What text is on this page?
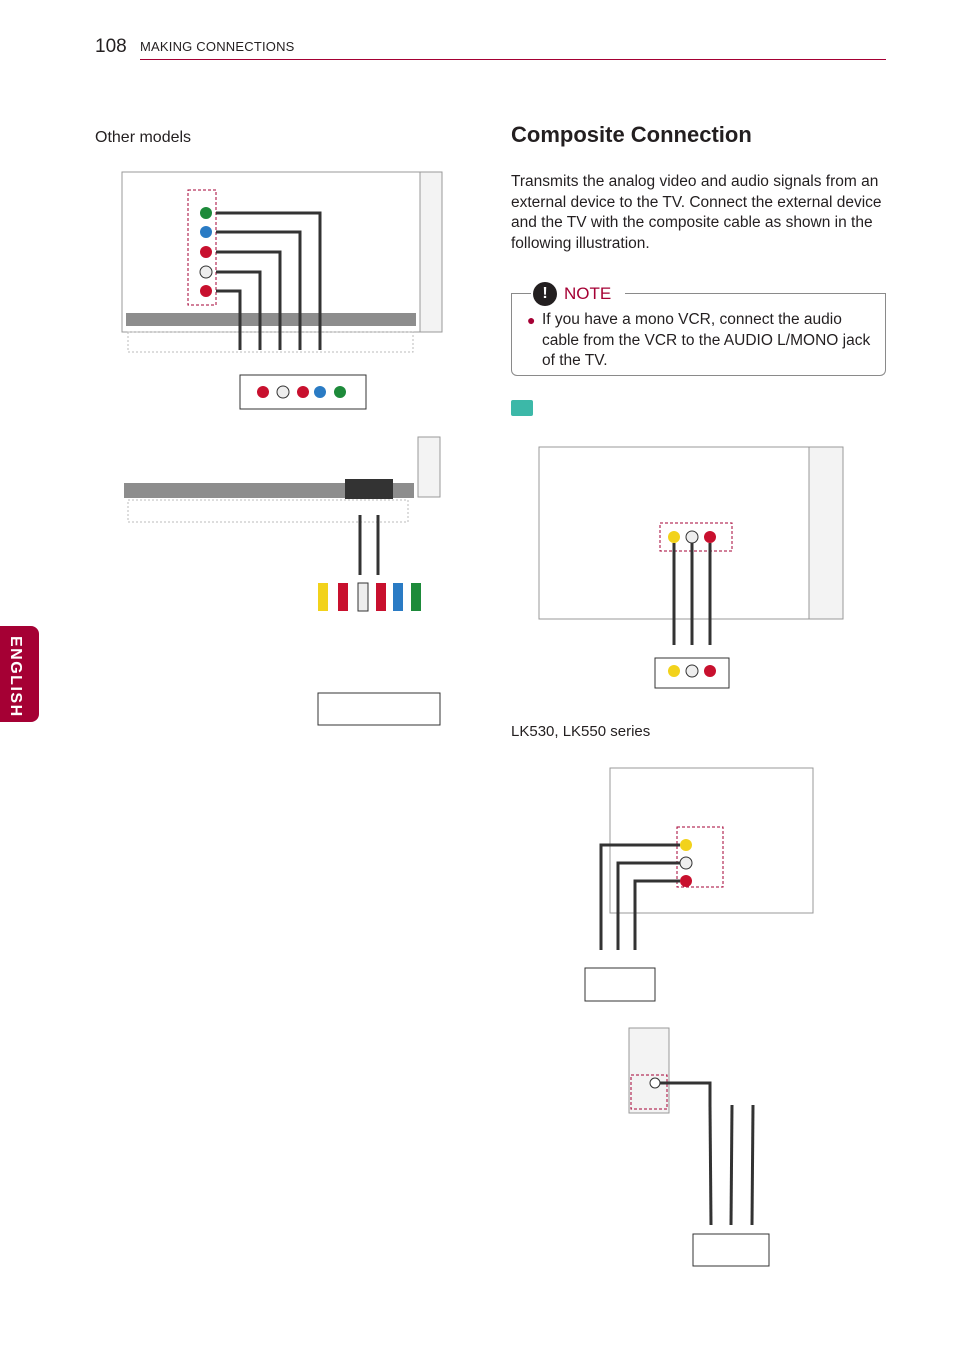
108 MAKING CONNECTIONS
Other models	Composite Connection
Transmits the analog video and audio signals from an external device to the TV. Connect the external device and the TV with the composite cable as shown in the following illustration.
! NOTE
● If you have a mono VCR, connect the audio cable from the VCR to the AUDIO L/MONO jack of the TV.
LK530, LK550 series
ENGLISH
